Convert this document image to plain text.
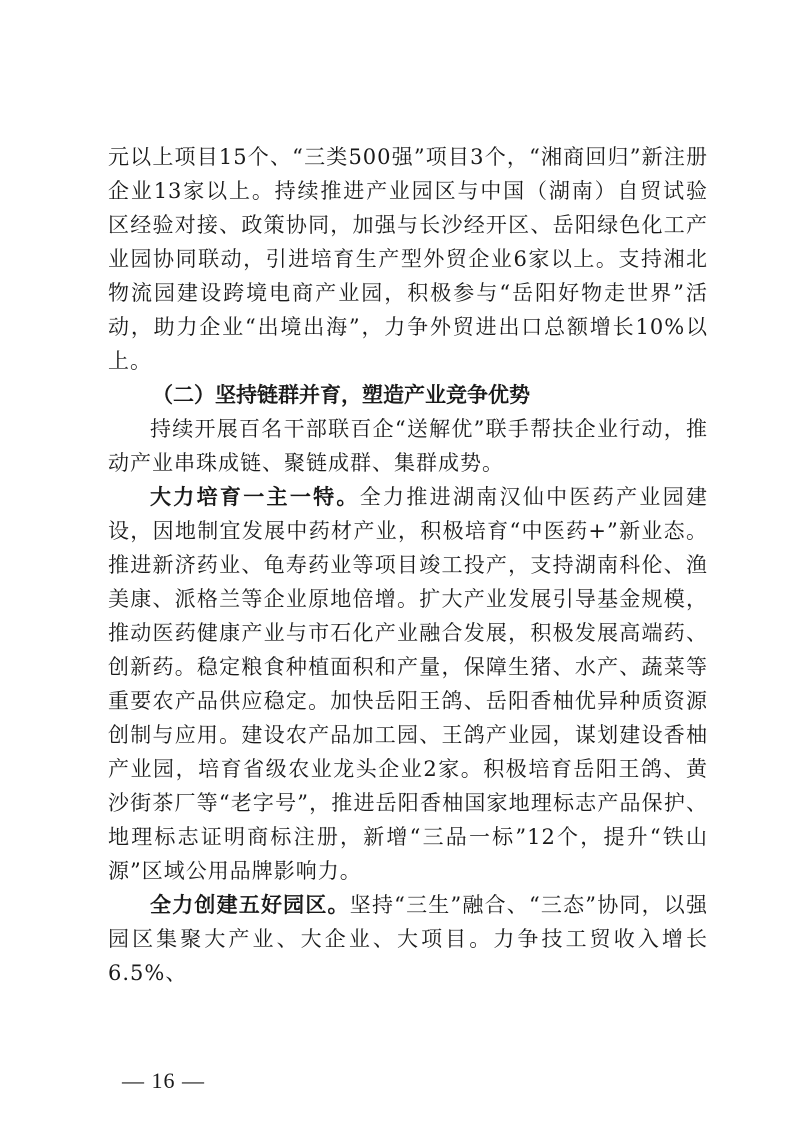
元以上项目15个、“三类500强”项目3个，“湘商回归”新注册企业13家以上。持续推进产业园区与中国（湖南）自贸试验区经验对接、政策协同，加强与长沙经开区、岳阳绿色化工产业园协同联动，引进培育生产型外贸企业6家以上。支持湘北物流园建设跨境电商产业园，积极参与“岳阳好物走世界”活动，助力企业“出境出海”，力争外贸进出口总额增长10%以上。

（二）坚持链群并育，塑造产业竞争优势

持续开展百名干部联百企“送解优”联手帮扶企业行动，推动产业串珠成链、聚链成群、集群成势。

大力培育一主一特。全力推进湖南汉仙中医药产业园建设，因地制宜发展中药材产业，积极培育“中医药+”新业态。推进新济药业、龟寿药业等项目竣工投产，支持湖南科伦、渔美康、派格兰等企业原地倍增。扩大产业发展引导基金规模，推动医药健康产业与市石化产业融合发展，积极发展高端药、创新药。稳定粮食种植面积和产量，保障生猪、水产、蔬菜等重要农产品供应稳定。加快岳阳王鸽、岳阳香柚优异种质资源创制与应用。建设农产品加工园、王鸽产业园，谋划建设香柚产业园，培育省级农业龙头企业2家。积极培育岳阳王鸽、黄沙街茶厂等“老字号”，推进岳阳香柚国家地理标志产品保护、地理标志证明商标注册，新增“三品一标”12个，提升“铁山源”区域公用品牌影响力。

全力创建五好园区。坚持“三生”融合、“三态”协同，以强园区集聚大产业、大企业、大项目。力争技工贸收入增长6.5%、

— 16 —
